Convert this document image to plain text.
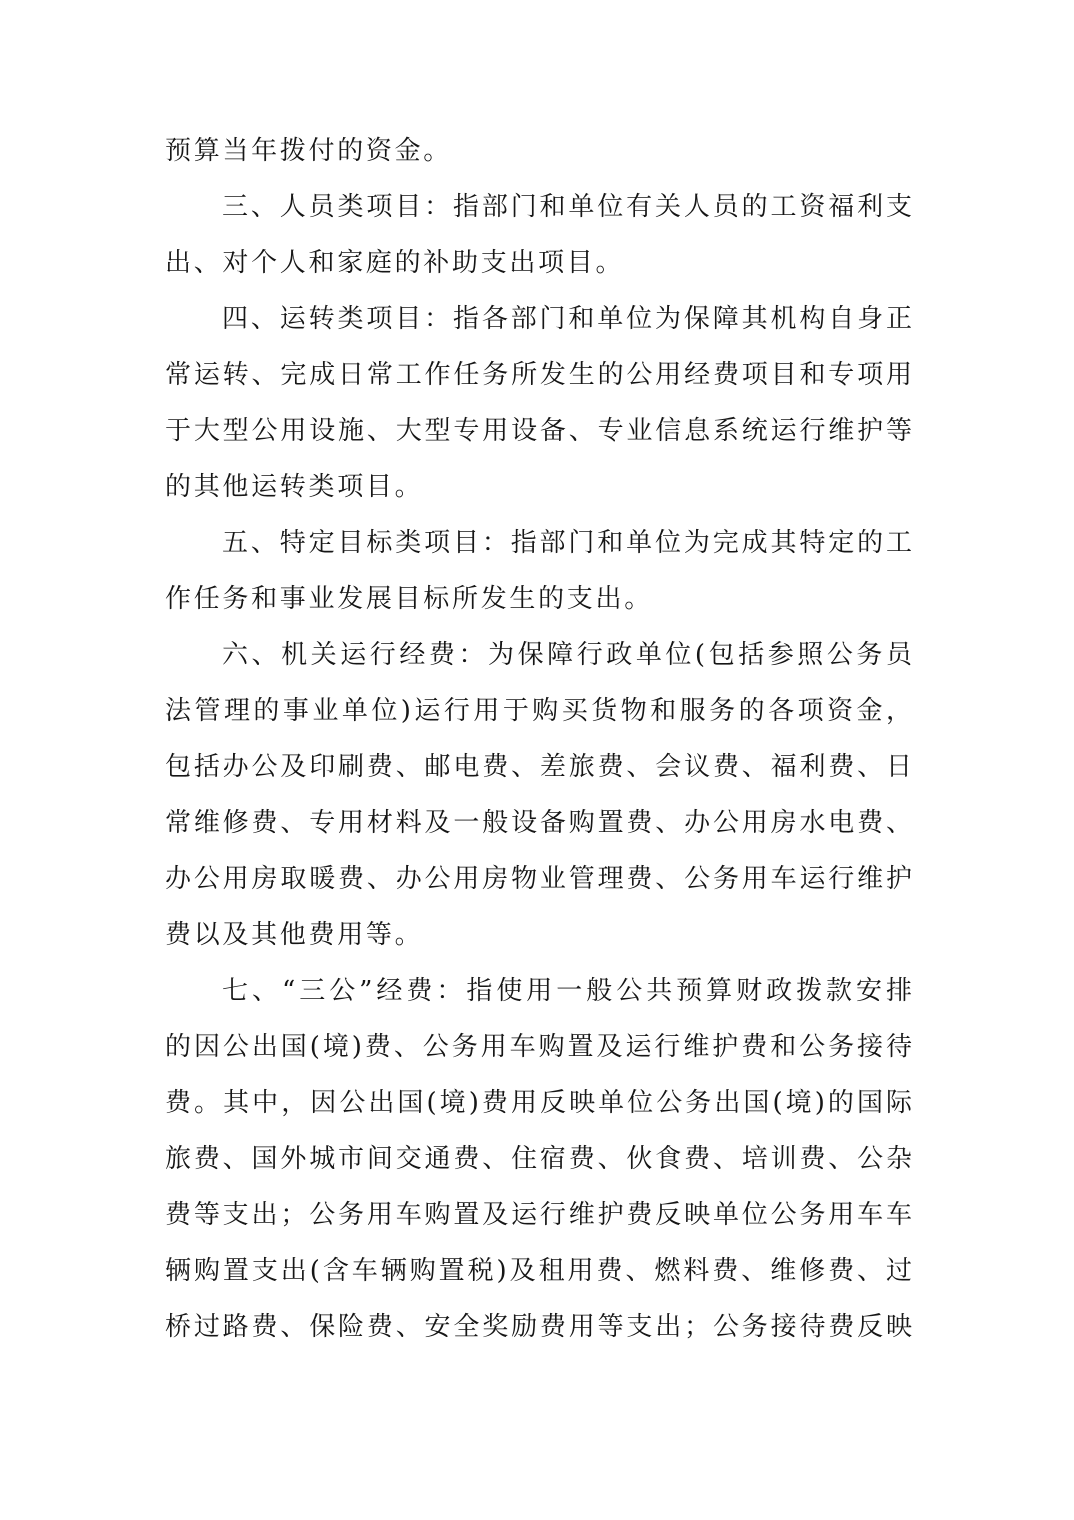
预算当年拨付的资金。
三、人员类项目：指部门和单位有关人员的工资福利支
出、对个人和家庭的补助支出项目。
四、运转类项目：指各部门和单位为保障其机构自身正
常运转、完成日常工作任务所发生的公用经费项目和专项用
于大型公用设施、大型专用设备、专业信息系统运行维护等
的其他运转类项目。
五、特定目标类项目：指部门和单位为完成其特定的工
作任务和事业发展目标所发生的支出。
六、机关运行经费：为保障行政单位(包括参照公务员
法管理的事业单位)运行用于购买货物和服务的各项资金，
包括办公及印刷费、邮电费、差旅费、会议费、福利费、日
常维修费、专用材料及一般设备购置费、办公用房水电费、
办公用房取暖费、办公用房物业管理费、公务用车运行维护
费以及其他费用等。
七、“三公”经费：指使用一般公共预算财政拨款安排
的因公出国(境)费、公务用车购置及运行维护费和公务接待
费。其中，因公出国(境)费用反映单位公务出国(境)的国际
旅费、国外城市间交通费、住宿费、伙食费、培训费、公杂
费等支出；公务用车购置及运行维护费反映单位公务用车车
辆购置支出(含车辆购置税)及租用费、燃料费、维修费、过
桥过路费、保险费、安全奖励费用等支出；公务接待费反映
